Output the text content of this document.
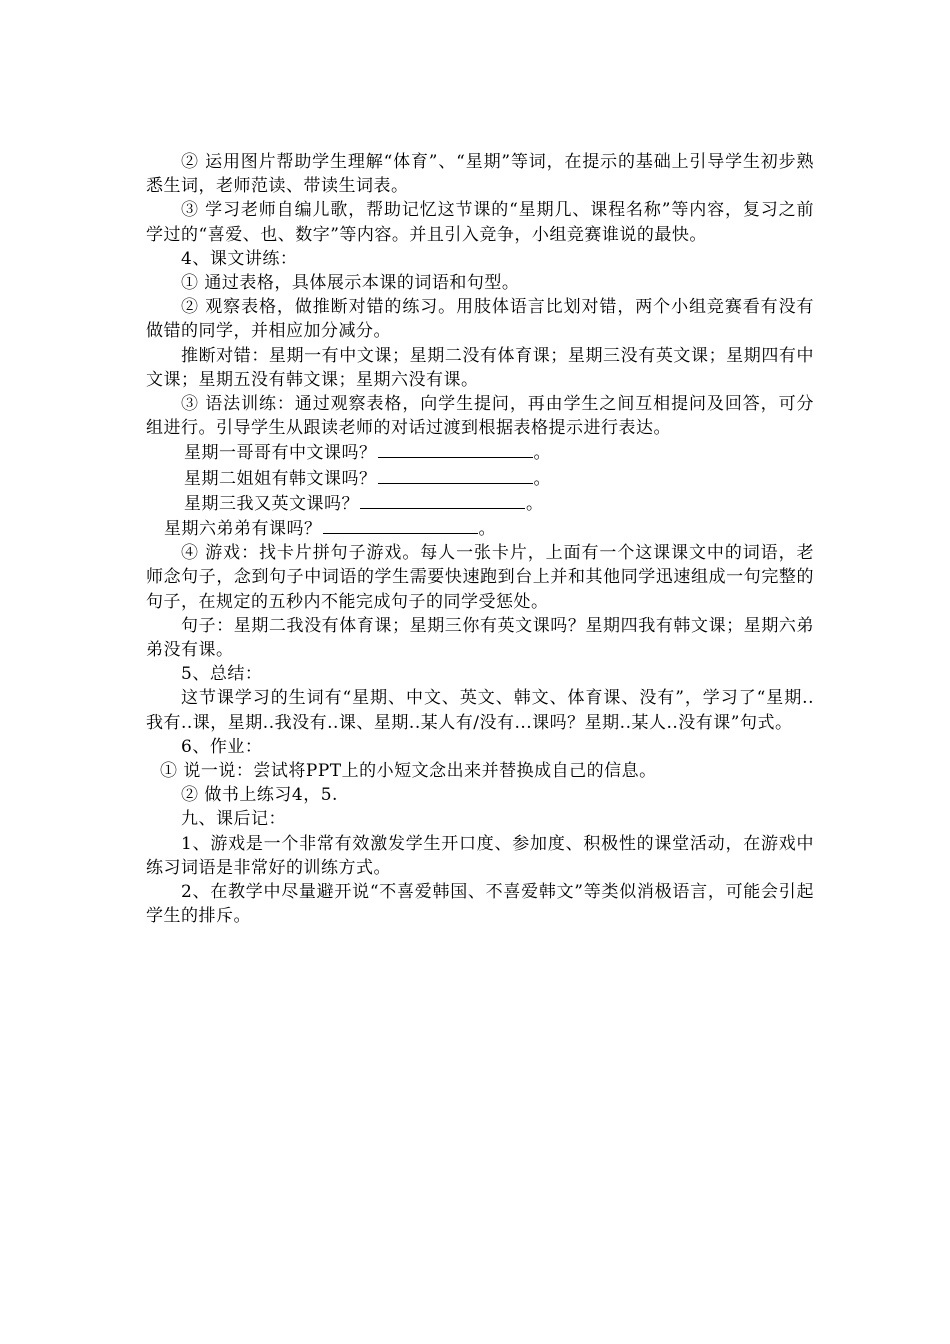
② 运用图片帮助学生理解“体育”、“星期”等词，在提示的基础上引导学生初步熟悉生词，老师范读、带读生词表。

③ 学习老师自编儿歌，帮助记忆这节课的“星期几、课程名称”等内容，复习之前学过的“喜爱、也、数字”等内容。并且引入竞争，小组竞赛谁说的最快。

4、课文讲练：

① 通过表格，具体展示本课的词语和句型。

② 观察表格，做推断对错的练习。用肢体语言比划对错，两个小组竞赛看有没有做错的同学，并相应加分减分。

推断对错：星期一有中文课；星期二没有体育课；星期三没有英文课；星期四有中文课；星期五没有韩文课；星期六没有课。

③ 语法训练：通过观察表格，向学生提问，再由学生之间互相提问及回答，可分组进行。引导学生从跟读老师的对话过渡到根据表格提示进行表达。

星期一哥哥有中文课吗？	。

星期二姐姐有韩文课吗？	。

星期三我又英文课吗？	。

星期六弟弟有课吗？	。

④ 游戏：找卡片拼句子游戏。每人一张卡片，上面有一个这课课文中的词语，老师念句子，念到句子中词语的学生需要快速跑到台上并和其他同学迅速组成一句完整的句子，在规定的五秒内不能完成句子的同学受惩处。

句子：星期二我没有体育课；星期三你有英文课吗？星期四我有韩文课；星期六弟弟没有课。

5、总结：

这节课学习的生词有“星期、中文、英文、韩文、体育课、没有”，学习了“星期..我有..课，星期..我没有..课、星期..某人有/没有...课吗？星期..某人..没有课”句式。

6、作业：

① 说一说：尝试将PPT上的小短文念出来并替换成自己的信息。

② 做书上练习4，5.

九、课后记：

1、游戏是一个非常有效激发学生开口度、参加度、积极性的课堂活动，在游戏中练习词语是非常好的训练方式。

2、在教学中尽量避开说“不喜爱韩国、不喜爱韩文”等类似消极语言，可能会引起学生的排斥。
